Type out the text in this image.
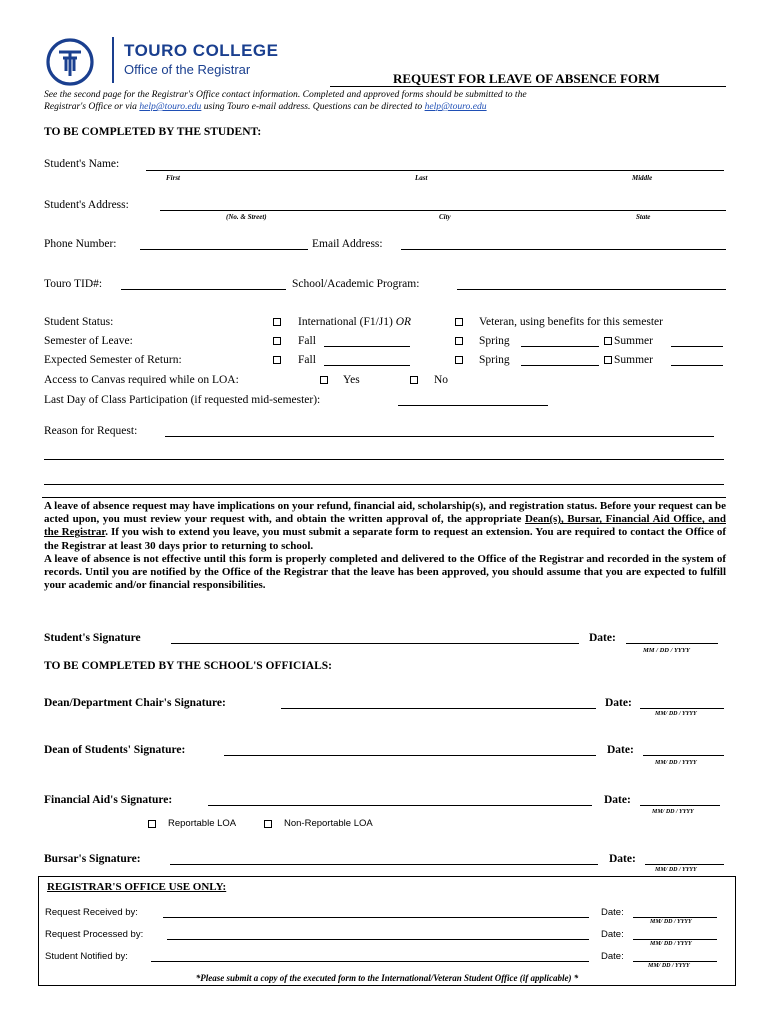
TOURO COLLEGE
Office of the Registrar
REQUEST FOR LEAVE OF ABSENCE FORM
See the second page for the Registrar's Office contact information. Completed and approved forms should be submitted to the
Registrar's Office or via help@touro.edu using Touro e-mail address. Questions can be directed to help@touro.edu
TO BE COMPLETED BY THE STUDENT:
Student's Name:
First	Last	Middle
Student's Address:
(No. & Street)	City	State
Phone Number:	Email Address:
Touro TID#:	School/Academic Program:
Student Status:	International (F1/J1) OR	Veteran, using benefits for this semester
Semester of Leave:	Fall	Spring	Summer
Expected Semester of Return:	Fall	Spring	Summer
Access to Canvas required while on LOA:	Yes	No
Last Day of Class Participation (if requested mid-semester):
Reason for Request:
A leave of absence request may have implications on your refund, financial aid, scholarship(s), and registration status. Before your request can be acted upon, you must review your request with, and obtain the written approval of, the appropriate Dean(s), Bursar, Financial Aid Office, and the Registrar. If you wish to extend you leave, you must submit a separate form to request an extension. You are required to contact the Office of the Registrar at least 30 days prior to returning to school.
A leave of absence is not effective until this form is properly completed and delivered to the Office of the Registrar and recorded in the system of records. Until you are notified by the Office of the Registrar that the leave has been approved, you should assume that you are expected to fulfill your academic and/or financial responsibilities.
Student's Signature	Date:
MM / DD / YYYY
TO BE COMPLETED BY THE SCHOOL'S OFFICIALS:
Dean/Department Chair's Signature:	Date:
MM/ DD / YYYY
Dean of Students' Signature:	Date:
MM/ DD / YYYY
Financial Aid's Signature:	Date:
MM/ DD / YYYY
Reportable LOA	Non-Reportable LOA
Bursar's Signature:	Date:
MM/ DD / YYYY
REGISTRAR'S OFFICE USE ONLY:
Request Received by:	Date:
MM/ DD / YYYY
Request Processed by:	Date:
MM/ DD / YYYY
Student Notified by:	Date:
MM/ DD / YYYY
*Please submit a copy of the executed form to the International/Veteran Student Office (if applicable) *
